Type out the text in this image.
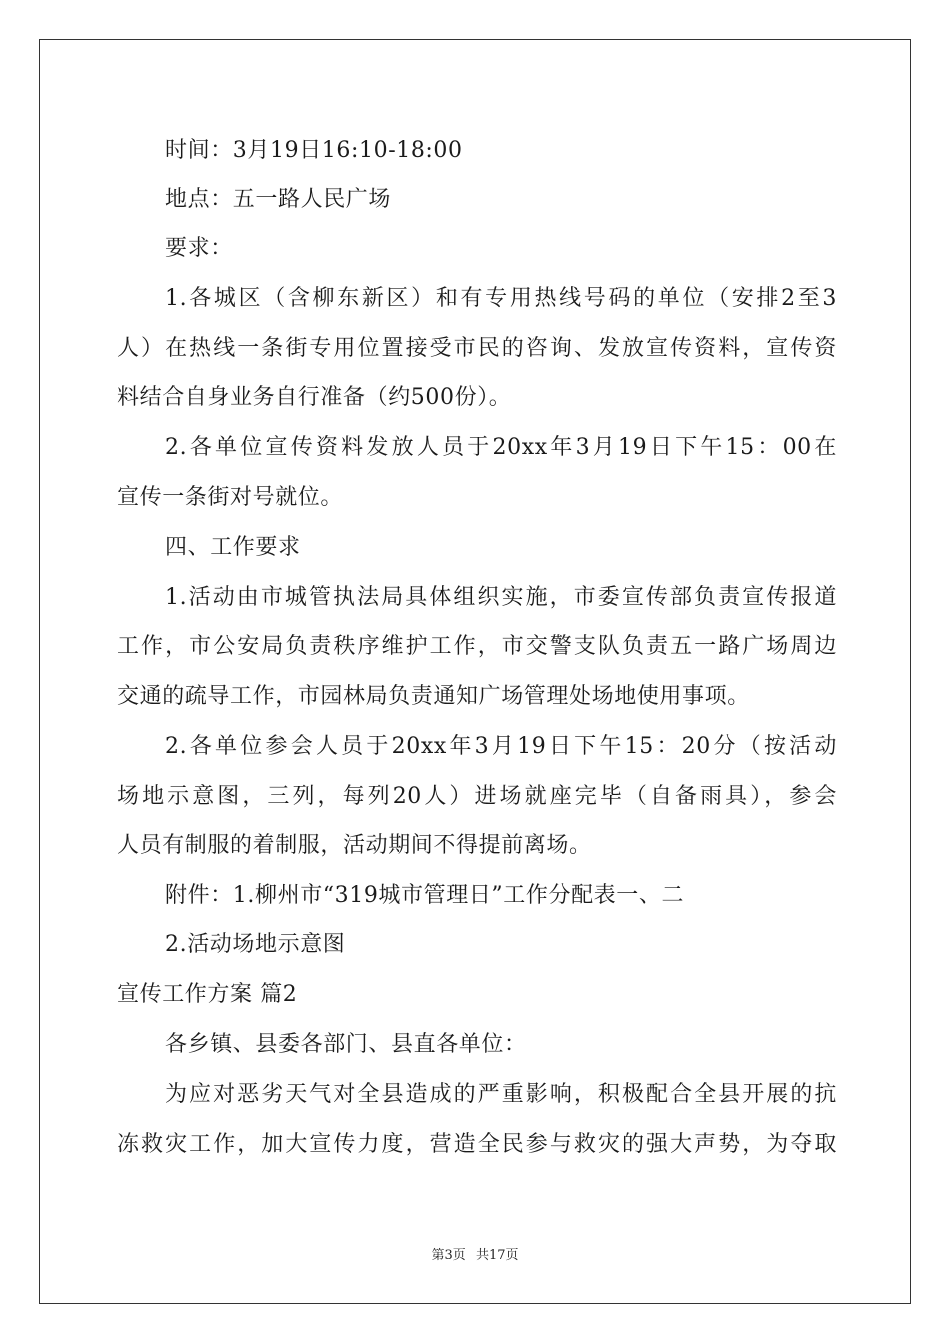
时间：3月19日16:10-18:00
地点：五一路人民广场
要求：
1.各城区（含柳东新区）和有专用热线号码的单位（安排2至3
人）在热线一条街专用位置接受市民的咨询、发放宣传资料，宣传资
料结合自身业务自行准备（约500份）。
2.各单位宣传资料发放人员于20xx年3月19日下午15：00在
宣传一条街对号就位。
四、工作要求
1.活动由市城管执法局具体组织实施，市委宣传部负责宣传报道
工作，市公安局负责秩序维护工作，市交警支队负责五一路广场周边
交通的疏导工作，市园林局负责通知广场管理处场地使用事项。
2.各单位参会人员于20xx年3月19日下午15：20分（按活动
场地示意图，三列，每列20人）进场就座完毕（自备雨具），参会
人员有制服的着制服，活动期间不得提前离场。
附件：1.柳州市“319城市管理日”工作分配表一、二
2.活动场地示意图
宣传工作方案 篇2
各乡镇、县委各部门、县直各单位：
为应对恶劣天气对全县造成的严重影响，积极配合全县开展的抗
冻救灾工作，加大宣传力度，营造全民参与救灾的强大声势，为夺取
第3页 共17页
